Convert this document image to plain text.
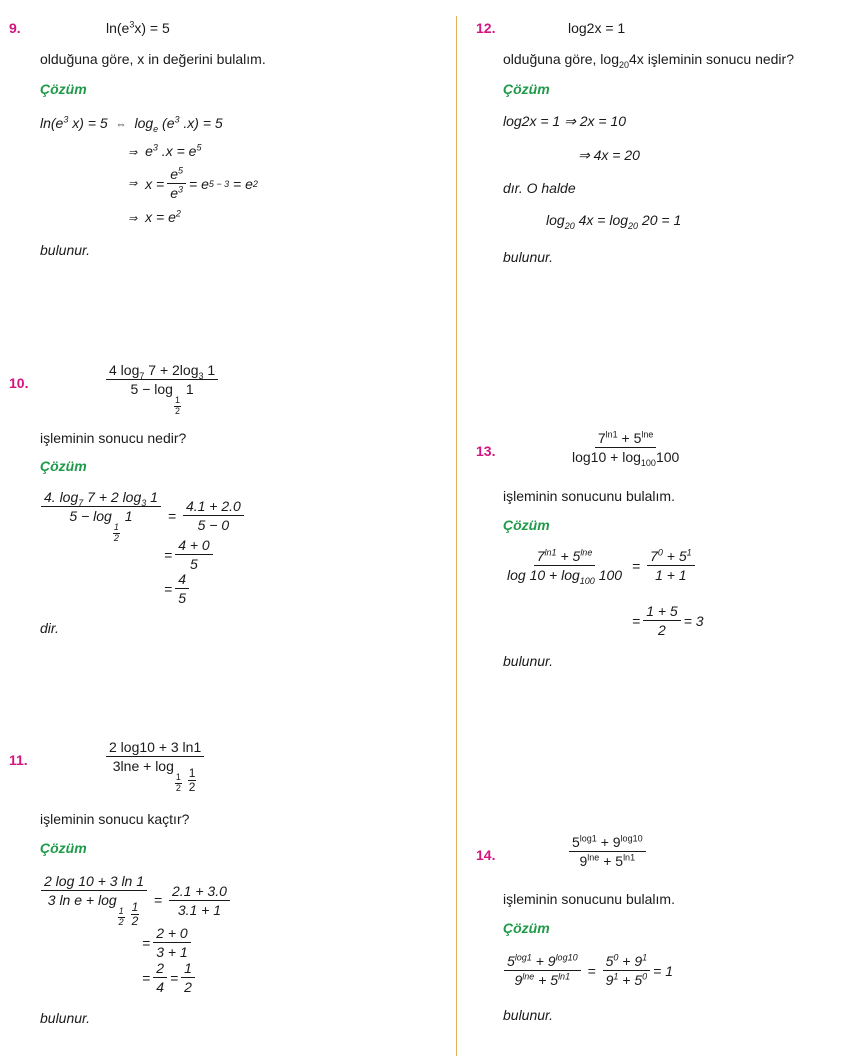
9.	$\ln(e^3x) = 5$
olduğuna göre, x in değerini bulalım.
Çözüm
$\ln(e^3$ x) = 5 ⇔ $\log_e (e^3$ .x) = 5
⇒ $e^3$ $.x = e^5$
⇒ $x = \frac{e^5}{e^3} = e$ 5 − 3 = e 2
⇒ $x = e^2$
bulunur.
10.	4 $\log_7 7 + 2\log_3$ 1
5 − log
$\frac{1}{2}$
1
işleminin sonucu nedir?
Çözüm
4. $\log_7 7 + 2$ $\log_3 1$
5 − log
$\frac{1}{2}$
$1 = \frac{4.1 + 2.0}{5 - 0}$
= $\frac{4 + 0}{5}$
= $\frac{4}{5}$
dir.
11.	2 log10 + 3 ln1
3lne + log
$\frac{1}{2}$
$\frac{1}{2}$
işleminin sonucu kaçtır?
Çözüm
2 log 10 + 3 ln 1
3 ln e + log
$\frac{1}{2}$
$\frac{1}{2} = \frac{2.1 + 3.0}{3.1 + 1}$
= $\frac{2 + 0}{3 + 1}$
= $\frac{2}{4} = \frac{1}{2}$
bulunur.
12.	log2x = 1
olduğuna göre, $\log_{20}4x$ işleminin sonucu nedir?
Çözüm
log2x = 1 ⇒ 2x = 10
⇒ 4x = 20
dır. O halde
$\log_{20} 4x = \log_{20} 20 = 1$
bulunur.
13.	$\frac{7^{ln1} + 5^{lne}}{\log 10 + \log_{100}100}$
işleminin sonucunu bulalım.
Çözüm
$\frac{7^{ln1} + 5^{lne}}{\log 10 + \log_{100} 100} = \frac{7^0 + 5^1}{1 + 1}$
= $\frac{1 + 5}{2} = 3$
bulunur.
14.	$\frac{5^{log1} + 9^{log10}}{9^{lne} + 5^{ln1}}$
işleminin sonucunu bulalım.
Çözüm
$\frac{5^{log1} + 9^{log10}}{9^{lne} + 5^{ln1}} = \frac{5^0 + 9^1}{9^1 + 5^0} = 1$
bulunur.
